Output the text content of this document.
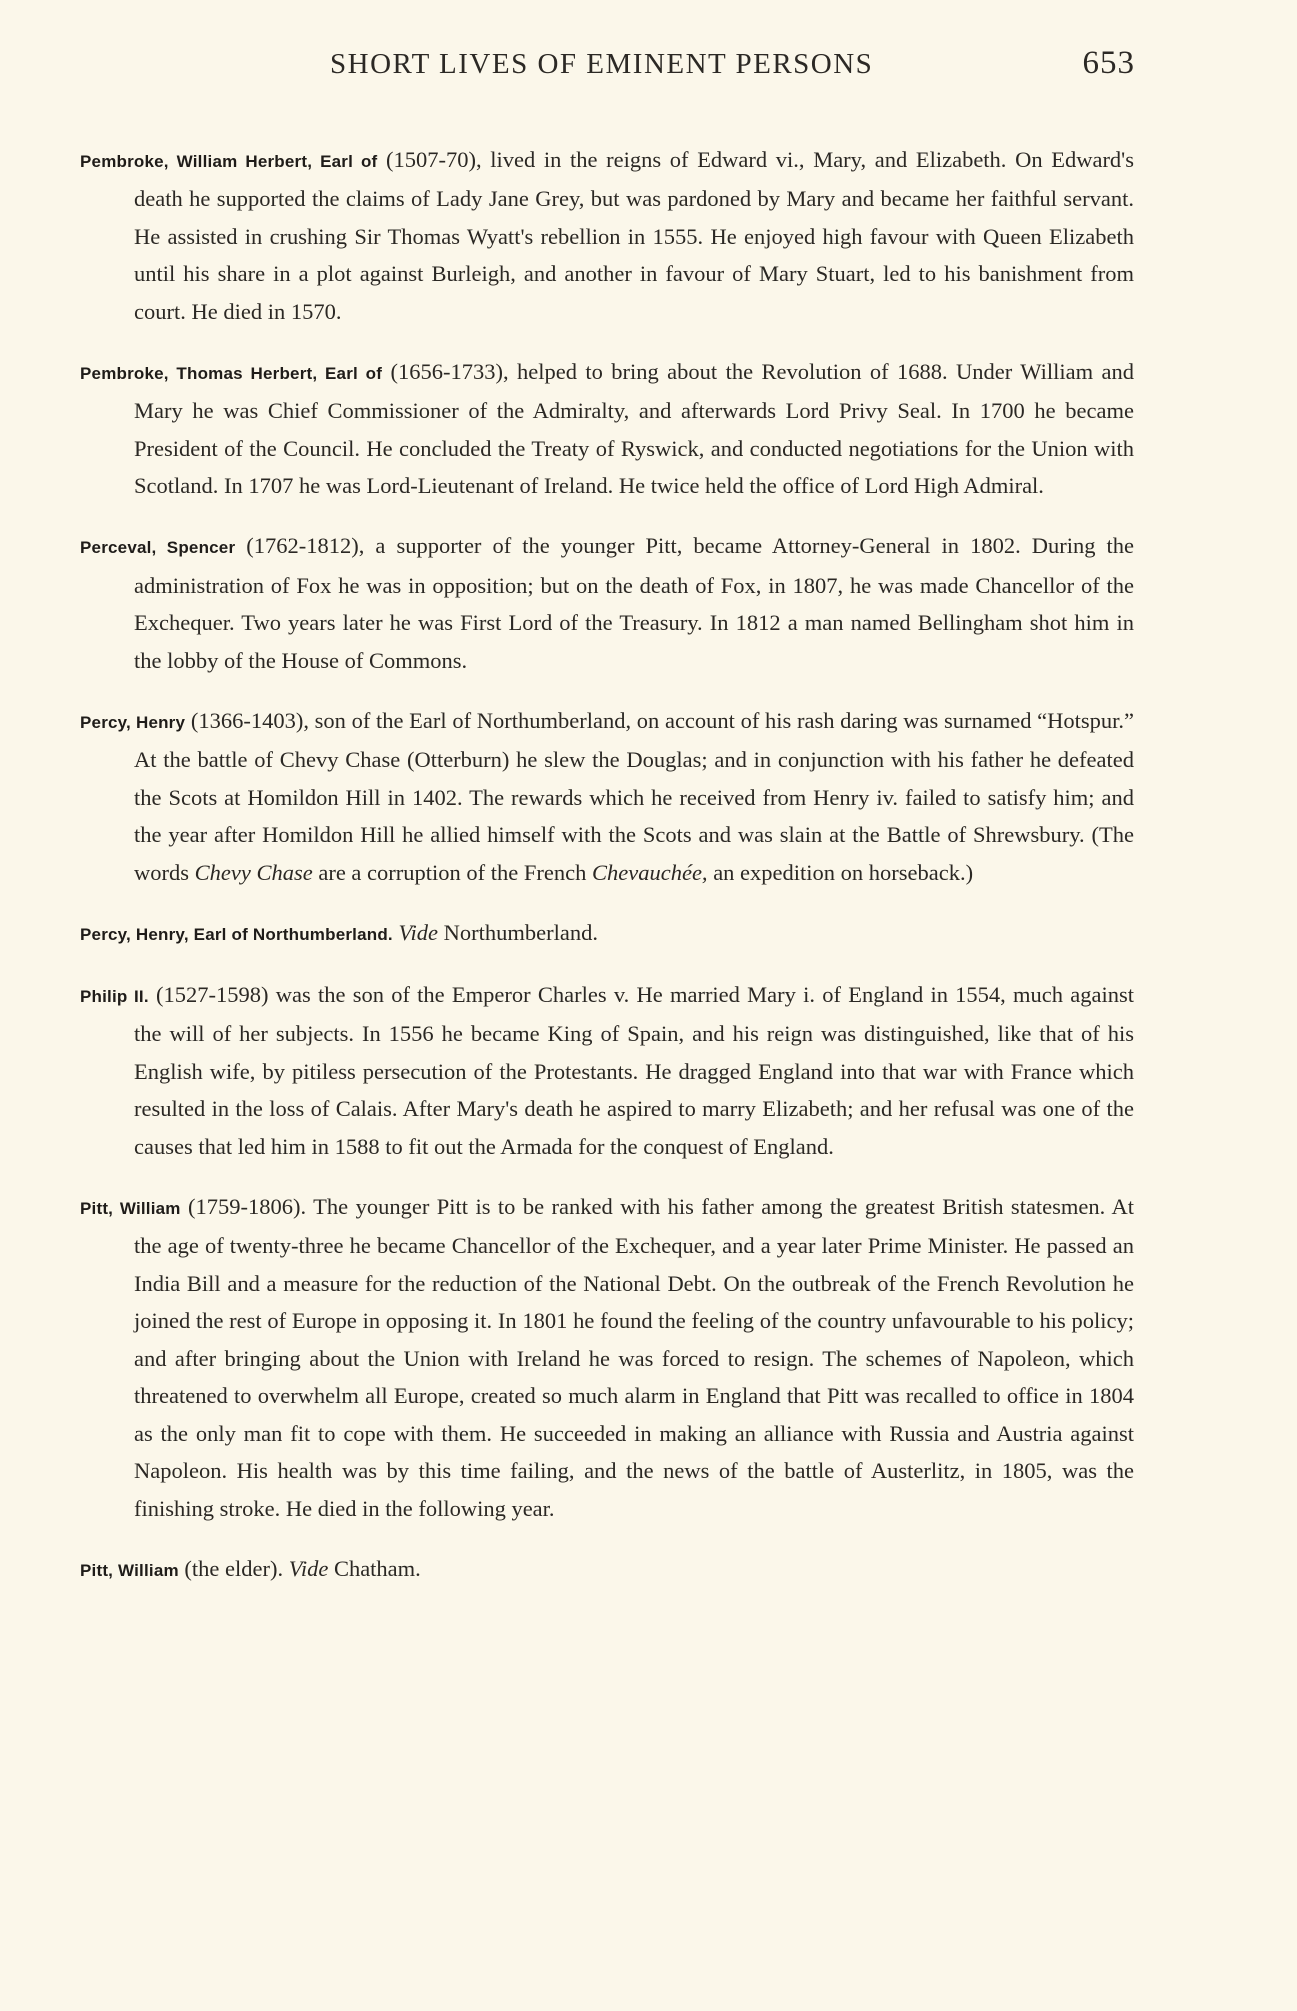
SHORT LIVES OF EMINENT PERSONS	653

Pembroke, William Herbert, Earl of (1507-70), lived in the reigns of Edward vi., Mary, and Elizabeth. On Edward's death he supported the claims of Lady Jane Grey, but was pardoned by Mary and became her faithful servant. He assisted in crushing Sir Thomas Wyatt's rebellion in 1555. He enjoyed high favour with Queen Elizabeth until his share in a plot against Burleigh, and another in favour of Mary Stuart, led to his banishment from court. He died in 1570.

Pembroke, Thomas Herbert, Earl of (1656-1733), helped to bring about the Revolution of 1688. Under William and Mary he was Chief Commissioner of the Admiralty, and afterwards Lord Privy Seal. In 1700 he became President of the Council. He concluded the Treaty of Ryswick, and conducted negotiations for the Union with Scotland. In 1707 he was Lord-Lieutenant of Ireland. He twice held the office of Lord High Admiral.

Perceval, Spencer (1762-1812), a supporter of the younger Pitt, became Attorney-General in 1802. During the administration of Fox he was in opposition; but on the death of Fox, in 1807, he was made Chancellor of the Exchequer. Two years later he was First Lord of the Treasury. In 1812 a man named Bellingham shot him in the lobby of the House of Commons.

Percy, Henry (1366-1403), son of the Earl of Northumberland, on account of his rash daring was surnamed “Hotspur.” At the battle of Chevy Chase (Otterburn) he slew the Douglas; and in conjunction with his father he defeated the Scots at Homildon Hill in 1402. The rewards which he received from Henry iv. failed to satisfy him; and the year after Homildon Hill he allied himself with the Scots and was slain at the Battle of Shrewsbury. (The words Chevy Chase are a corruption of the French Chevauchée, an expedition on horseback.)

Percy, Henry, Earl of Northumberland. Vide Northumberland.

Philip II. (1527-1598) was the son of the Emperor Charles v. He married Mary i. of England in 1554, much against the will of her subjects. In 1556 he became King of Spain, and his reign was distinguished, like that of his English wife, by pitiless persecution of the Protestants. He dragged England into that war with France which resulted in the loss of Calais. After Mary's death he aspired to marry Elizabeth; and her refusal was one of the causes that led him in 1588 to fit out the Armada for the conquest of England.

Pitt, William (1759-1806). The younger Pitt is to be ranked with his father among the greatest British statesmen. At the age of twenty-three he became Chancellor of the Exchequer, and a year later Prime Minister. He passed an India Bill and a measure for the reduction of the National Debt. On the outbreak of the French Revolution he joined the rest of Europe in opposing it. In 1801 he found the feeling of the country unfavourable to his policy; and after bringing about the Union with Ireland he was forced to resign. The schemes of Napoleon, which threatened to overwhelm all Europe, created so much alarm in England that Pitt was recalled to office in 1804 as the only man fit to cope with them. He succeeded in making an alliance with Russia and Austria against Napoleon. His health was by this time failing, and the news of the battle of Austerlitz, in 1805, was the finishing stroke. He died in the following year.

Pitt, William (the elder). Vide Chatham.
